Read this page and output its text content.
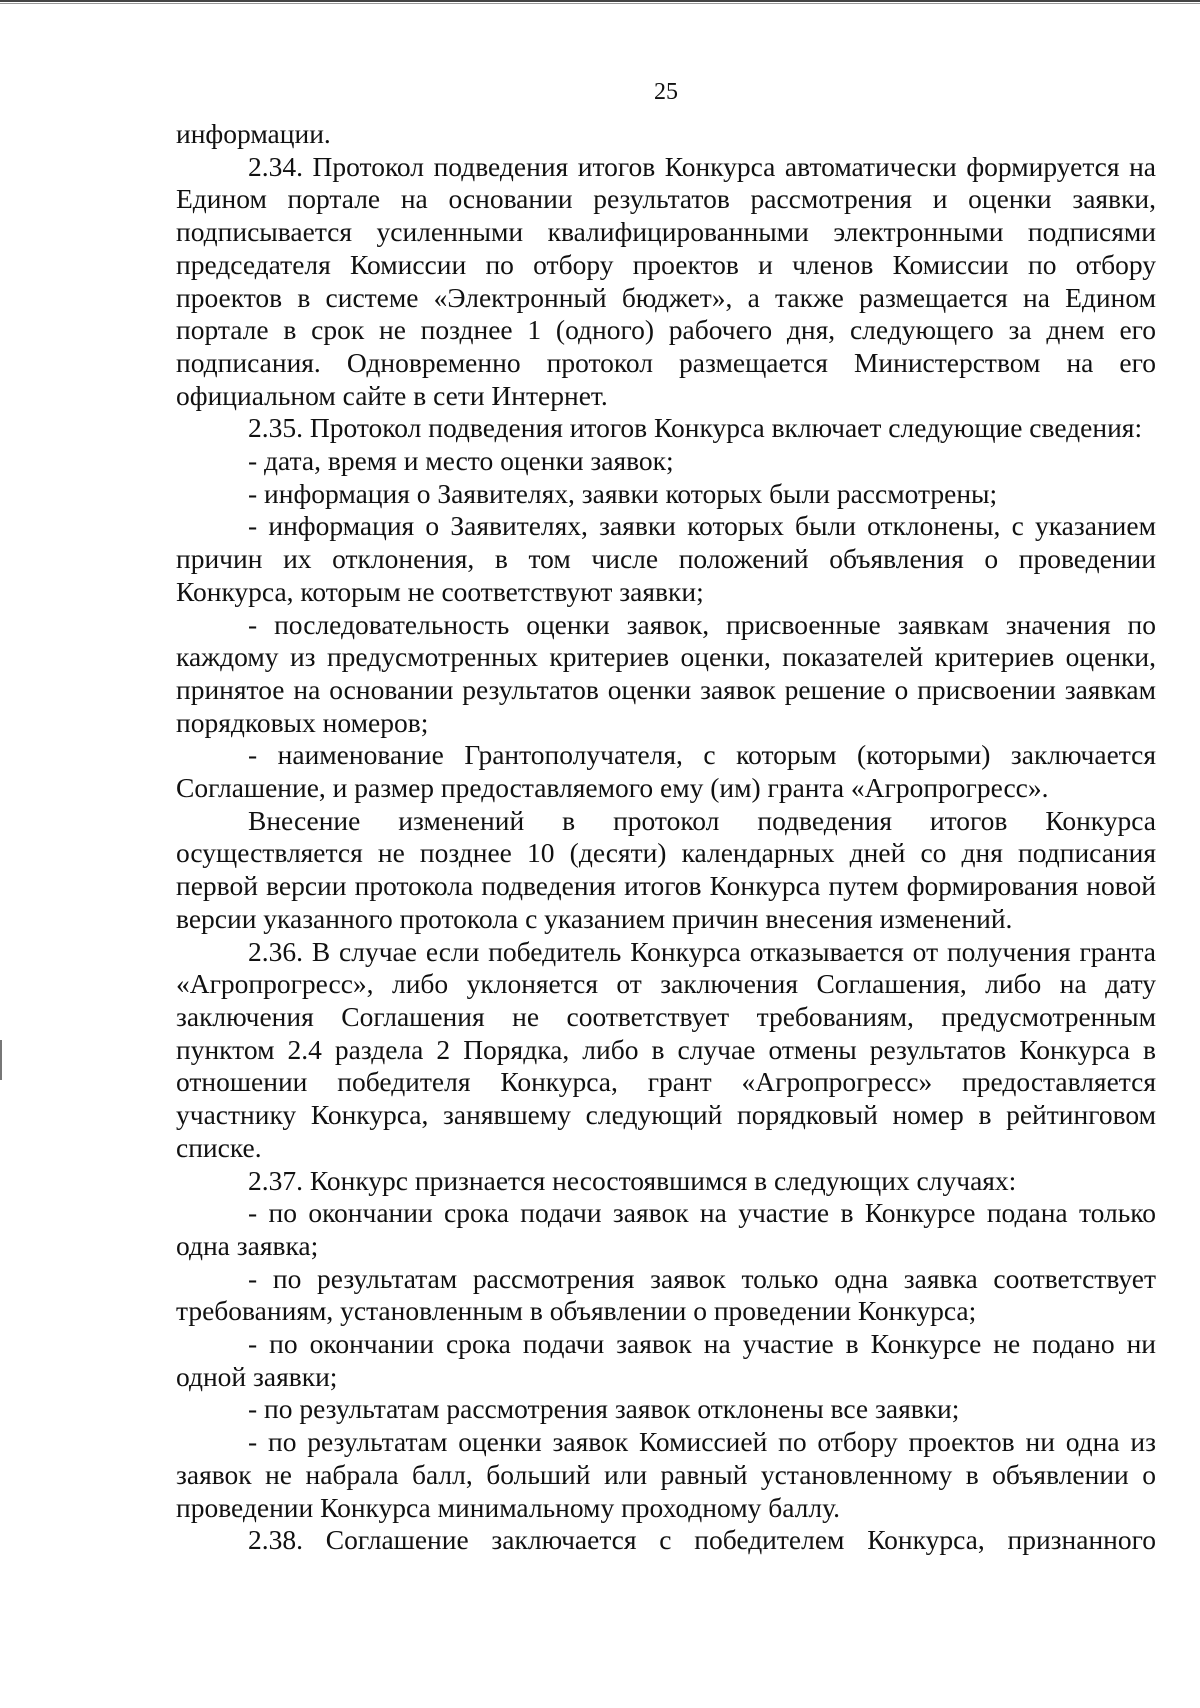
25

информации.

2.34. Протокол подведения итогов Конкурса автоматически формируется на Едином портале на основании результатов рассмотрения и оценки заявки, подписывается усиленными квалифицированными электронными подписями председателя Комиссии по отбору проектов и членов Комиссии по отбору проектов в системе «Электронный бюджет», а также размещается на Едином портале в срок не позднее 1 (одного) рабочего дня, следующего за днем его подписания. Одновременно протокол размещается Министерством на его официальном сайте в сети Интернет.

2.35. Протокол подведения итогов Конкурса включает следующие сведения:

- дата, время и место оценки заявок;

- информация о Заявителях, заявки которых были рассмотрены;

- информация о Заявителях, заявки которых были отклонены, с указанием причин их отклонения, в том числе положений объявления о проведении Конкурса, которым не соответствуют заявки;

- последовательность оценки заявок, присвоенные заявкам значения по каждому из предусмотренных критериев оценки, показателей критериев оценки, принятое на основании результатов оценки заявок решение о присвоении заявкам порядковых номеров;

- наименование Грантополучателя, с которым (которыми) заключается Соглашение, и размер предоставляемого ему (им) гранта «Агропрогресс».

Внесение изменений в протокол подведения итогов Конкурса осуществляется не позднее 10 (десяти) календарных дней со дня подписания первой версии протокола подведения итогов Конкурса путем формирования новой версии указанного протокола с указанием причин внесения изменений.

2.36. В случае если победитель Конкурса отказывается от получения гранта «Агропрогресс», либо уклоняется от заключения Соглашения, либо на дату заключения Соглашения не соответствует требованиям, предусмотренным пунктом 2.4 раздела 2 Порядка, либо в случае отмены результатов Конкурса в отношении победителя Конкурса, грант «Агропрогресс» предоставляется участнику Конкурса, занявшему следующий порядковый номер в рейтинговом списке.

2.37. Конкурс признается несостоявшимся в следующих случаях:

- по окончании срока подачи заявок на участие в Конкурсе подана только одна заявка;

- по результатам рассмотрения заявок только одна заявка соответствует требованиям, установленным в объявлении о проведении Конкурса;

- по окончании срока подачи заявок на участие в Конкурсе не подано ни одной заявки;

- по результатам рассмотрения заявок отклонены все заявки;

- по результатам оценки заявок Комиссией по отбору проектов ни одна из заявок не набрала балл, больший или равный установленному в объявлении о проведении Конкурса минимальному проходному баллу.

2.38. Соглашение заключается с победителем Конкурса, признанного
